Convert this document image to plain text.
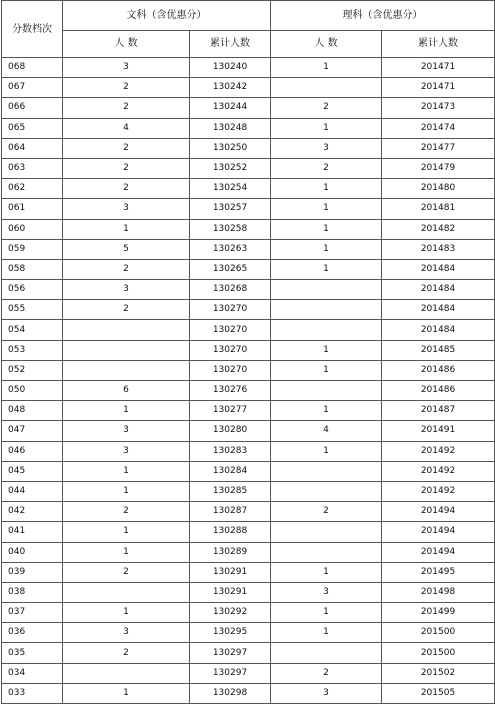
分数档次	文科（含优惠分）		理科（含优惠分）	
	人 数	累计人数	人 数	累计人数
068	3	130240	1	201471
067	2	130242		201471
066	2	130244	2	201473
065	4	130248	1	201474
064	2	130250	3	201477
063	2	130252	2	201479
062	2	130254	1	201480
061	3	130257	1	201481
060	1	130258	1	201482
059	5	130263	1	201483
058	2	130265	1	201484
056	3	130268		201484
055	2	130270		201484
054		130270		201484
053		130270	1	201485
052		130270	1	201486
050	6	130276		201486
048	1	130277	1	201487
047	3	130280	4	201491
046	3	130283	1	201492
045	1	130284		201492
044	1	130285		201492
042	2	130287	2	201494
041	1	130288		201494
040	1	130289		201494
039	2	130291	1	201495
038		130291	3	201498
037	1	130292	1	201499
036	3	130295	1	201500
035	2	130297		201500
034		130297	2	201502
033	1	130298	3	201505
